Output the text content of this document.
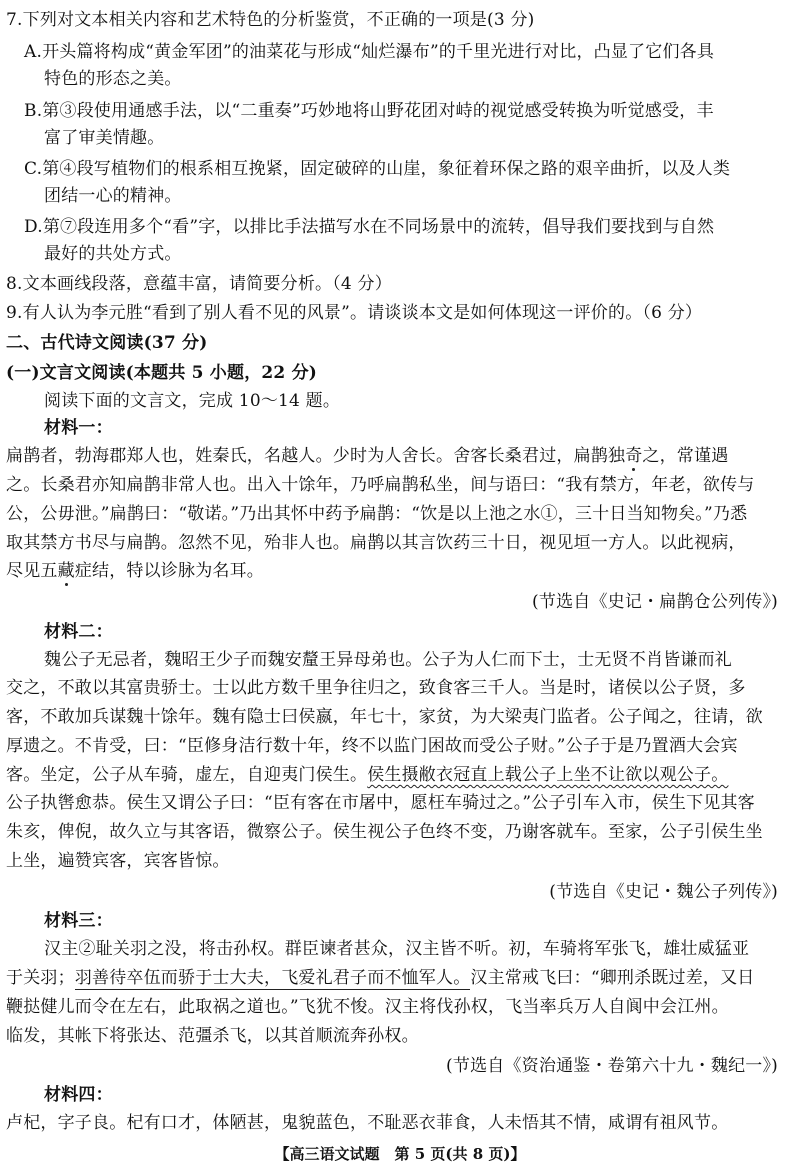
7.下列对文本相关内容和艺术特色的分析鉴赏，不正确的一项是(3 分)
A.开头篇将构成“黄金军团”的油菜花与形成“灿烂瀑布”的千里光进行对比，凸显了它们各具
特色的形态之美。
B.第③段使用通感手法，以“二重奏”巧妙地将山野花团对峙的视觉感受转换为听觉感受，丰
富了审美情趣。
C.第④段写植物们的根系相互挽紧，固定破碎的山崖，象征着环保之路的艰辛曲折，以及人类
团结一心的精神。
D.第⑦段连用多个“看”字，以排比手法描写水在不同场景中的流转，倡导我们要找到与自然
最好的共处方式。
8.文本画线段落，意蕴丰富，请简要分析。（4 分）
9.有人认为李元胜“看到了别人看不见的风景”。请谈谈本文是如何体现这一评价的。（6 分）
二、古代诗文阅读(37 分)
(一)文言文阅读(本题共 5 小题，22 分)
阅读下面的文言文，完成 10～14 题。
材料一：
扁鹊者，勃海郡郑人也，姓秦氏，名越人。少时为人舍长。舍客长桑君过，扁鹊独奇之，常谨遇
之。长桑君亦知扁鹊非常人也。出入十馀年，乃呼扁鹊私坐，间与语曰：“我有禁方，年老，欲传与
公，公毋泄。”扁鹊曰：“敬诺。”乃出其怀中药予扁鹊：“饮是以上池之水①，三十日当知物矣。”乃悉
取其禁方书尽与扁鹊。忽然不见，殆非人也。扁鹊以其言饮药三十日，视见垣一方人。以此视病，
尽见五藏症结，特以诊脉为名耳。
(节选自《史记・扁鹊仓公列传》)
材料二：
魏公子无忌者，魏昭王少子而魏安釐王异母弟也。公子为人仁而下士，士无贤不肖皆谦而礼
交之，不敢以其富贵骄士。士以此方数千里争往归之，致食客三千人。当是时，诸侯以公子贤，多
客，不敢加兵谋魏十馀年。魏有隐士曰侯嬴，年七十，家贫，为大梁夷门监者。公子闻之，往请，欲
厚遗之。不肯受，曰：“臣修身洁行数十年，终不以监门困故而受公子财。”公子于是乃置酒大会宾
客。坐定，公子从车骑，虚左，自迎夷门侯生。侯生摄敝衣冠直上载公子上坐不让欲以观公子。
公子执辔愈恭。侯生又谓公子曰：“臣有客在市屠中，愿枉车骑过之。”公子引车入市，侯生下见其客
朱亥，俾倪，故久立与其客语，微察公子。侯生视公子色终不变，乃谢客就车。至家，公子引侯生坐
上坐，遍赞宾客，宾客皆惊。
(节选自《史记・魏公子列传》)
材料三：
汉主②耻关羽之没，将击孙权。群臣谏者甚众，汉主皆不听。初，车骑将军张飞，雄壮威猛亚
于关羽；羽善待卒伍而骄于士大夫，飞爱礼君子而不恤军人。汉主常戒飞曰：“卿刑杀既过差，又日
鞭挞健儿而令在左右，此取祸之道也。”飞犹不悛。汉主将伐孙权，飞当率兵万人自阆中会江州。
临发，其帐下将张达、范彊杀飞，以其首顺流奔孙权。
(节选自《资治通鉴・卷第六十九・魏纪一》)
材料四：
卢杞，字子良。杞有口才，体陋甚，鬼貌蓝色，不耻恶衣菲食，人未悟其不情，咸谓有祖风节。
【高三语文试题　第 5 页(共 8 页)】
